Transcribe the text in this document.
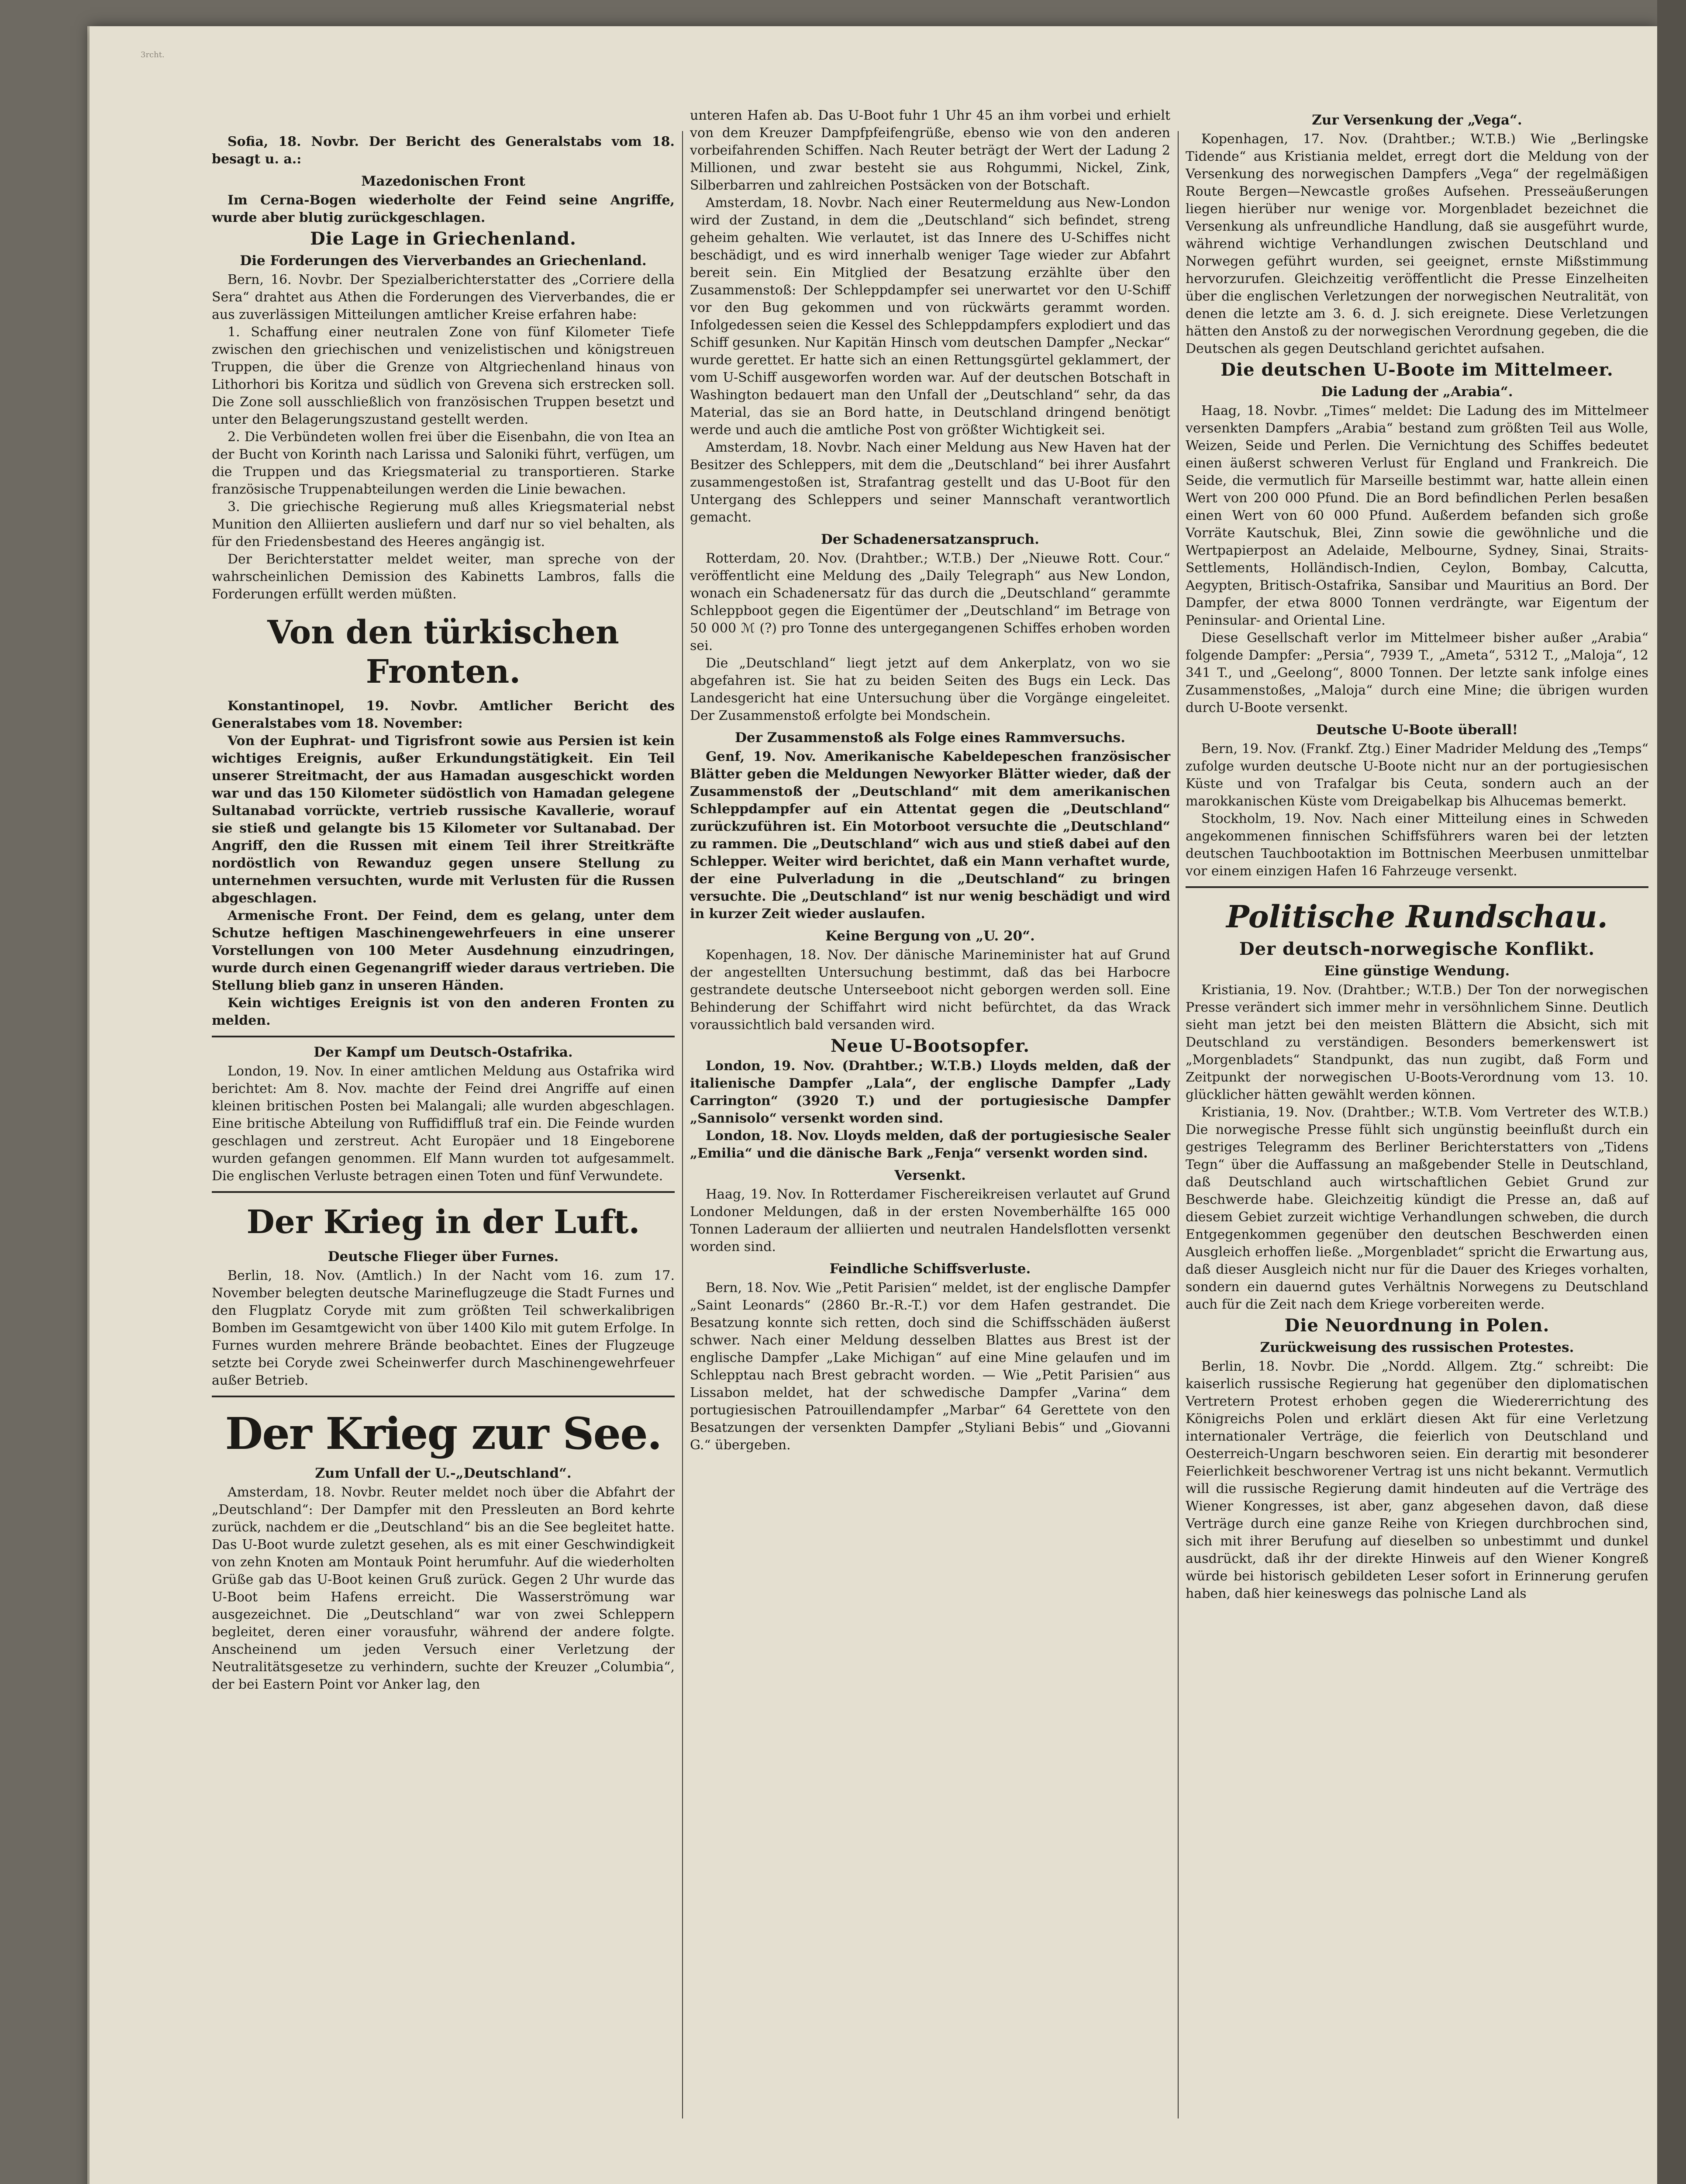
3rcht.

Sofia, 18. Novbr. Der Bericht des Generalstabs vom 18. besagt u. a.:

Mazedonischen Front

Im Cerna-Bogen wiederholte der Feind seine Angriffe, wurde aber blutig zurückgeschlagen.

Die Lage in Griechenland.
Die Forderungen des Vierverbandes an Griechenland.

Bern, 16. Novbr. Der Spezialberichterstatter des „Corriere della Sera“ drahtet aus Athen die Forderungen des Vierverbandes, die er aus zuverlässigen Mitteilungen amtlicher Kreise erfahren habe:

1. Schaffung einer neutralen Zone von fünf Kilometer Tiefe zwischen den griechischen und venizelistischen und königstreuen Truppen, die über die Grenze von Altgriechenland hinaus von Lithorhori bis Koritza und südlich von Grevena sich erstrecken soll. Die Zone soll ausschließlich von französischen Truppen besetzt und unter den Belagerungszustand gestellt werden.

2. Die Verbündeten wollen frei über die Eisenbahn, die von Itea an der Bucht von Korinth nach Larissa und Saloniki führt, verfügen, um die Truppen und das Kriegsmaterial zu transportieren. Starke französische Truppenabteilungen werden die Linie bewachen.

3. Die griechische Regierung muß alles Kriegsmaterial nebst Munition den Alliierten ausliefern und darf nur so viel behalten, als für den Friedensbestand des Heeres angängig ist.

Der Berichterstatter meldet weiter, man spreche von der wahrscheinlichen Demission des Kabinetts Lambros, falls die Forderungen erfüllt werden müßten.

Von den türkischen Fronten.

Konstantinopel, 19. Novbr. Amtlicher Bericht des Generalstabes vom 18. November:

Von der Euphrat- und Tigrisfront sowie aus Persien ist kein wichtiges Ereignis, außer Erkundungstätigkeit. Ein Teil unserer Streitmacht, der aus Hamadan ausgeschickt worden war und das 150 Kilometer südöstlich von Hamadan gelegene Sultanabad vorrückte, vertrieb russische Kavallerie, worauf sie stieß und gelangte bis 15 Kilometer vor Sultanabad. Der Angriff, den die Russen mit einem Teil ihrer Streitkräfte nordöstlich von Rewanduz gegen unsere Stellung zu unternehmen versuchten, wurde mit Verlusten für die Russen abgeschlagen.

Armenische Front. Der Feind, dem es gelang, unter dem Schutze heftigen Maschinengewehrfeuers in eine unserer Vorstellungen von 100 Meter Ausdehnung einzudringen, wurde durch einen Gegenangriff wieder daraus vertrieben. Die Stellung blieb ganz in unseren Händen.

Kein wichtiges Ereignis ist von den anderen Fronten zu melden.

Der Kampf um Deutsch-Ostafrika.

London, 19. Nov. In einer amtlichen Meldung aus Ostafrika wird berichtet: Am 8. Nov. machte der Feind drei Angriffe auf einen kleinen britischen Posten bei Malangali; alle wurden abgeschlagen. Eine britische Abteilung von Ruffidiffluß traf ein. Die Feinde wurden geschlagen und zerstreut. Acht Europäer und 18 Eingeborene wurden gefangen genommen. Elf Mann wurden tot aufgesammelt. Die englischen Verluste betragen einen Toten und fünf Verwundete.

Der Krieg in der Luft.
Deutsche Flieger über Furnes.

Berlin, 18. Nov. (Amtlich.) In der Nacht vom 16. zum 17. November belegten deutsche Marineflugzeuge die Stadt Furnes und den Flugplatz Coryde mit zum größten Teil schwerkalibrigen Bomben im Gesamtgewicht von über 1400 Kilo mit gutem Erfolge. In Furnes wurden mehrere Brände beobachtet. Eines der Flugzeuge setzte bei Coryde zwei Scheinwerfer durch Maschinengewehrfeuer außer Betrieb.

Der Krieg zur See.
Zum Unfall der U.-„Deutschland“.

Amsterdam, 18. Novbr. Reuter meldet noch über die Abfahrt der „Deutschland“: Der Dampfer mit den Pressleuten an Bord kehrte zurück, nachdem er die „Deutschland“ bis an die See begleitet hatte. Das U-Boot wurde zuletzt gesehen, als es mit einer Geschwindigkeit von zehn Knoten am Montauk Point herumfuhr. Auf die wiederholten Grüße gab das U-Boot keinen Gruß zurück. Gegen 2 Uhr wurde das U-Boot beim Hafens erreicht. Die Wasserströmung war ausgezeichnet. Die „Deutschland“ war von zwei Schleppern begleitet, deren einer vorausfuhr, während der andere folgte. Anscheinend um jeden Versuch einer Verletzung der Neutralitätsgesetze zu verhindern, suchte der Kreuzer „Columbia“, der bei Eastern Point vor Anker lag, den

unteren Hafen ab. Das U-Boot fuhr 1 Uhr 45 an ihm vorbei und erhielt von dem Kreuzer Dampfpfeifengrüße, ebenso wie von den anderen vorbeifahrenden Schiffen. Nach Reuter beträgt der Wert der Ladung 2 Millionen, und zwar besteht sie aus Rohgummi, Nickel, Zink, Silberbarren und zahlreichen Postsäcken von der Botschaft.

Amsterdam, 18. Novbr. Nach einer Reutermeldung aus New-London wird der Zustand, in dem die „Deutschland“ sich befindet, streng geheim gehalten. Wie verlautet, ist das Innere des U-Schiffes nicht beschädigt, und es wird innerhalb weniger Tage wieder zur Abfahrt bereit sein. Ein Mitglied der Besatzung erzählte über den Zusammenstoß: Der Schleppdampfer sei unerwartet vor den U-Schiff vor den Bug gekommen und von rückwärts gerammt worden. Infolgedessen seien die Kessel des Schleppdampfers explodiert und das Schiff gesunken. Nur Kapitän Hinsch vom deutschen Dampfer „Neckar“ wurde gerettet. Er hatte sich an einen Rettungsgürtel geklammert, der vom U-Schiff ausgeworfen worden war. Auf der deutschen Botschaft in Washington bedauert man den Unfall der „Deutschland“ sehr, da das Material, das sie an Bord hatte, in Deutschland dringend benötigt werde und auch die amtliche Post von größter Wichtigkeit sei.

Amsterdam, 18. Novbr. Nach einer Meldung aus New Haven hat der Besitzer des Schleppers, mit dem die „Deutschland“ bei ihrer Ausfahrt zusammengestoßen ist, Strafantrag gestellt und das U-Boot für den Untergang des Schleppers und seiner Mannschaft verantwortlich gemacht.

Der Schadenersatzanspruch.

Rotterdam, 20. Nov. (Drahtber.; W.T.B.) Der „Nieuwe Rott. Cour.“ veröffentlicht eine Meldung des „Daily Telegraph“ aus New London, wonach ein Schadenersatz für das durch die „Deutschland“ gerammte Schleppboot gegen die Eigentümer der „Deutschland“ im Betrage von 50 000 ℳ (?) pro Tonne des untergegangenen Schiffes erhoben worden sei.

Die „Deutschland“ liegt jetzt auf dem Ankerplatz, von wo sie abgefahren ist. Sie hat zu beiden Seiten des Bugs ein Leck. Das Landesgericht hat eine Untersuchung über die Vorgänge eingeleitet. Der Zusammenstoß erfolgte bei Mondschein.

Der Zusammenstoß als Folge eines Rammversuchs.

Genf, 19. Nov. Amerikanische Kabeldepeschen französischer Blätter geben die Meldungen Newyorker Blätter wieder, daß der Zusammenstoß der „Deutschland“ mit dem amerikanischen Schleppdampfer auf ein Attentat gegen die „Deutschland“ zurückzuführen ist. Ein Motorboot versuchte die „Deutschland“ zu rammen. Die „Deutschland“ wich aus und stieß dabei auf den Schlepper. Weiter wird berichtet, daß ein Mann verhaftet wurde, der eine Pulverladung in die „Deutschland“ zu bringen versuchte. Die „Deutschland“ ist nur wenig beschädigt und wird in kurzer Zeit wieder auslaufen.

Keine Bergung von „U. 20“.

Kopenhagen, 18. Nov. Der dänische Marineminister hat auf Grund der angestellten Untersuchung bestimmt, daß das bei Harbocre gestrandete deutsche Unterseeboot nicht geborgen werden soll. Eine Behinderung der Schiffahrt wird nicht befürchtet, da das Wrack voraussichtlich bald versanden wird.

Neue U-Bootsopfer.

London, 19. Nov. (Drahtber.; W.T.B.) Lloyds melden, daß der italienische Dampfer „Lala“, der englische Dampfer „Lady Carrington“ (3920 T.) und der portugiesische Dampfer „Sannisolo“ versenkt worden sind.

London, 18. Nov. Lloyds melden, daß der portugiesische Sealer „Emilia“ und die dänische Bark „Fenja“ versenkt worden sind.

Versenkt.

Haag, 19. Nov. In Rotterdamer Fischereikreisen verlautet auf Grund Londoner Meldungen, daß in der ersten Novemberhälfte 165 000 Tonnen Laderaum der alliierten und neutralen Handelsflotten versenkt worden sind.

Feindliche Schiffsverluste.

Bern, 18. Nov. Wie „Petit Parisien“ meldet, ist der englische Dampfer „Saint Leonards“ (2860 Br.-R.-T.) vor dem Hafen gestrandet. Die Besatzung konnte sich retten, doch sind die Schiffsschäden äußerst schwer. Nach einer Meldung desselben Blattes aus Brest ist der englische Dampfer „Lake Michigan“ auf eine Mine gelaufen und im Schlepptau nach Brest gebracht worden. — Wie „Petit Parisien“ aus Lissabon meldet, hat der schwedische Dampfer „Varina“ dem portugiesischen Patrouillendampfer „Marbar“ 64 Gerettete von den Besatzungen der versenkten Dampfer „Styliani Bebis“ und „Giovanni G.“ übergeben.

Zur Versenkung der „Vega“.

Kopenhagen, 17. Nov. (Drahtber.; W.T.B.) Wie „Berlingske Tidende“ aus Kristiania meldet, erregt dort die Meldung von der Versenkung des norwegischen Dampfers „Vega“ der regelmäßigen Route Bergen—Newcastle großes Aufsehen. Presseäußerungen liegen hierüber nur wenige vor. Morgenbladet bezeichnet die Versenkung als unfreundliche Handlung, daß sie ausgeführt wurde, während wichtige Verhandlungen zwischen Deutschland und Norwegen geführt wurden, sei geeignet, ernste Mißstimmung hervorzurufen. Gleichzeitig veröffentlicht die Presse Einzelheiten über die englischen Verletzungen der norwegischen Neutralität, von denen die letzte am 3. 6. d. J. sich ereignete. Diese Verletzungen hätten den Anstoß zu der norwegischen Verordnung gegeben, die die Deutschen als gegen Deutschland gerichtet aufsahen.

Die deutschen U-Boote im Mittelmeer.
Die Ladung der „Arabia“.

Haag, 18. Novbr. „Times“ meldet: Die Ladung des im Mittelmeer versenkten Dampfers „Arabia“ bestand zum größten Teil aus Wolle, Weizen, Seide und Perlen. Die Vernichtung des Schiffes bedeutet einen äußerst schweren Verlust für England und Frankreich. Die Seide, die vermutlich für Marseille bestimmt war, hatte allein einen Wert von 200 000 Pfund. Die an Bord befindlichen Perlen besaßen einen Wert von 60 000 Pfund. Außerdem befanden sich große Vorräte Kautschuk, Blei, Zinn sowie die gewöhnliche und die Wertpapierpost an Adelaide, Melbourne, Sydney, Sinai, Straits-Settlements, Holländisch-Indien, Ceylon, Bombay, Calcutta, Aegypten, Britisch-Ostafrika, Sansibar und Mauritius an Bord. Der Dampfer, der etwa 8000 Tonnen verdrängte, war Eigentum der Peninsular- and Oriental Line.

Diese Gesellschaft verlor im Mittelmeer bisher außer „Arabia“ folgende Dampfer: „Persia“, 7939 T., „Ameta“, 5312 T., „Maloja“, 12 341 T., und „Geelong“, 8000 Tonnen. Der letzte sank infolge eines Zusammenstoßes, „Malojа“ durch eine Mine; die übrigen wurden durch U-Boote versenkt.

Deutsche U-Boote überall!

Bern, 19. Nov. (Frankf. Ztg.) Einer Madrider Meldung des „Temps“ zufolge wurden deutsche U-Boote nicht nur an der portugiesischen Küste und von Trafalgar bis Ceuta, sondern auch an der marokkanischen Küste vom Dreigabelkap bis Alhucemas bemerkt.

Stockholm, 19. Nov. Nach einer Mitteilung eines in Schweden angekommenen finnischen Schiffsführers waren bei der letzten deutschen Tauchbootaktion im Bottnischen Meerbusen unmittelbar vor einem einzigen Hafen 16 Fahrzeuge versenkt.

Politische Rundschau.
Der deutsch-norwegische Konflikt.
Eine günstige Wendung.

Kristiania, 19. Nov. (Drahtber.; W.T.B.) Der Ton der norwegischen Presse verändert sich immer mehr in versöhnlichem Sinne. Deutlich sieht man jetzt bei den meisten Blättern die Absicht, sich mit Deutschland zu verständigen. Besonders bemerkenswert ist „Morgenbladets“ Standpunkt, das nun zugibt, daß Form und Zeitpunkt der norwegischen U-Boots-Verordnung vom 13. 10. glücklicher hätten gewählt werden können.

Kristiania, 19. Nov. (Drahtber.; W.T.B. Vom Vertreter des W.T.B.) Die norwegische Presse fühlt sich ungünstig beeinflußt durch ein gestriges Telegramm des Berliner Berichterstatters von „Tidens Tegn“ über die Auffassung an maßgebender Stelle in Deutschland, daß Deutschland auch wirtschaftlichen Gebiet Grund zur Beschwerde habe. Gleichzeitig kündigt die Presse an, daß auf diesem Gebiet zurzeit wichtige Verhandlungen schweben, die durch Entgegenkommen gegenüber den deutschen Beschwerden einen Ausgleich erhoffen ließe. „Morgenbladet“ spricht die Erwartung aus, daß dieser Ausgleich nicht nur für die Dauer des Krieges vorhalten, sondern ein dauernd gutes Verhältnis Norwegens zu Deutschland auch für die Zeit nach dem Kriege vorbereiten werde.

Die Neuordnung in Polen.
Zurückweisung des russischen Protestes.

Berlin, 18. Novbr. Die „Nordd. Allgem. Ztg.“ schreibt: Die kaiserlich russische Regierung hat gegenüber den diplomatischen Vertretern Protest erhoben gegen die Wiedererrichtung des Königreichs Polen und erklärt diesen Akt für eine Verletzung internationaler Verträge, die feierlich von Deutschland und Oesterreich-Ungarn beschworen seien. Ein derartig mit besonderer Feierlichkeit beschworener Vertrag ist uns nicht bekannt. Vermutlich will die russische Regierung damit hindeuten auf die Verträge des Wiener Kongresses, ist aber, ganz abgesehen davon, daß diese Verträge durch eine ganze Reihe von Kriegen durchbrochen sind, sich mit ihrer Berufung auf dieselben so unbestimmt und dunkel ausdrückt, daß ihr der direkte Hinweis auf den Wiener Kongreß würde bei historisch gebildeten Leser sofort in Erinnerung gerufen haben, daß hier keineswegs das polnische Land als
